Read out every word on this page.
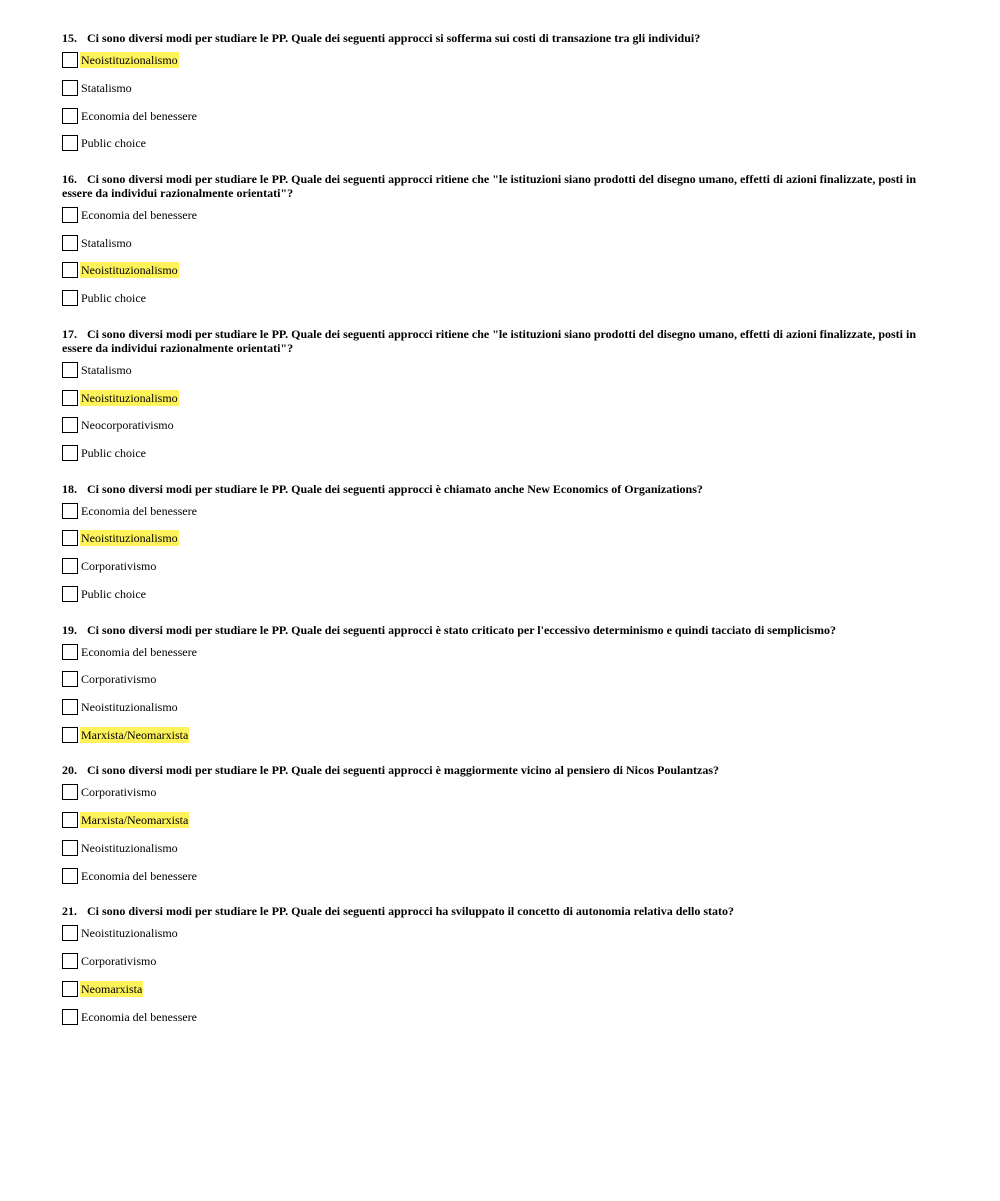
15. Ci sono diversi modi per studiare le PP. Quale dei seguenti approcci si sofferma sui costi di transazione tra gli individui?
Neoistituzionalismo
Statalismo
Economia del benessere
Public choice
16. Ci sono diversi modi per studiare le PP. Quale dei seguenti approcci ritiene che "le istituzioni siano prodotti del disegno umano, effetti di azioni finalizzate, posti in essere da individui razionalmente orientati"?
Economia del benessere
Statalismo
Neoistituzionalismo
Public choice
17. Ci sono diversi modi per studiare le PP. Quale dei seguenti approcci ritiene che "le istituzioni siano prodotti del disegno umano, effetti di azioni finalizzate, posti in essere da individui razionalmente orientati"?
Statalismo
Neoistituzionalismo
Neocorporativismo
Public choice
18. Ci sono diversi modi per studiare le PP. Quale dei seguenti approcci è chiamato anche New Economics of Organizations?
Economia del benessere
Neoistituzionalismo
Corporativismo
Public choice
19. Ci sono diversi modi per studiare le PP. Quale dei seguenti approcci è stato criticato per l'eccessivo determinismo e quindi tacciato di semplicismo?
Economia del benessere
Corporativismo
Neoistituzionalismo
Marxista/Neomarxista
20. Ci sono diversi modi per studiare le PP. Quale dei seguenti approcci è maggiormente vicino al pensiero di Nicos Poulantzas?
Corporativismo
Marxista/Neomarxista
Neoistituzionalismo
Economia del benessere
21. Ci sono diversi modi per studiare le PP. Quale dei seguenti approcci ha sviluppato il concetto di autonomia relativa dello stato?
Neoistituzionalismo
Corporativismo
Neomarxista
Economia del benessere
